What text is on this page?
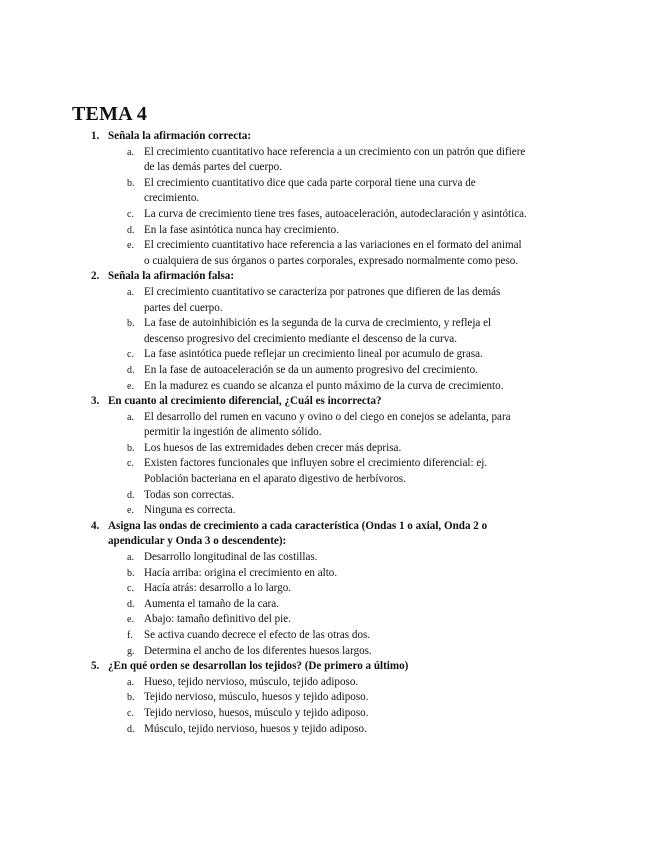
TEMA 4
1. Señala la afirmación correcta:
a. El crecimiento cuantitativo hace referencia a un crecimiento con un patrón que difiere de las demás partes del cuerpo.
b. El crecimiento cuantitativo dice que cada parte corporal tiene una curva de crecimiento.
c. La curva de crecimiento tiene tres fases, autoaceleración, autodeclaración y asintótica.
d. En la fase asintótica nunca hay crecimiento.
e. El crecimiento cuantitativo hace referencia a las variaciones en el formato del animal o cualquiera de sus órganos o partes corporales, expresado normalmente como peso.
2. Señala la afirmación falsa:
a. El crecimiento cuantitativo se caracteriza por patrones que difieren de las demás partes del cuerpo.
b. La fase de autoinhibición es la segunda de la curva de crecimiento, y refleja el descenso progresivo del crecimiento mediante el descenso de la curva.
c. La fase asintótica puede reflejar un crecimiento lineal por acumulo de grasa.
d. En la fase de autoaceleración se da un aumento progresivo del crecimiento.
e. En la madurez es cuando se alcanza el punto máximo de la curva de crecimiento.
3. En cuanto al crecimiento diferencial, ¿Cuál es incorrecta?
a. El desarrollo del rumen en vacuno y ovino o del ciego en conejos se adelanta, para permitir la ingestión de alimento sólido.
b. Los huesos de las extremidades deben crecer más deprisa.
c. Existen factores funcionales que influyen sobre el crecimiento diferencial: ej. Población bacteriana en el aparato digestivo de herbívoros.
d. Todas son correctas.
e. Ninguna es correcta.
4. Asigna las ondas de crecimiento a cada característica (Ondas 1 o axial, Onda 2 o apendicular y Onda 3 o descendente):
a. Desarrollo longitudinal de las costillas.
b. Hacía arriba: origina el crecimiento en alto.
c. Hacía atrás: desarrollo a lo largo.
d. Aumenta el tamaño de la cara.
e. Abajo: tamaño definitivo del pie.
f. Se activa cuando decrece el efecto de las otras dos.
g. Determina el ancho de los diferentes huesos largos.
5. ¿En qué orden se desarrollan los tejidos? (De primero a último)
a. Hueso, tejido nervioso, músculo, tejido adiposo.
b. Tejido nervioso, músculo, huesos y tejido adiposo.
c. Tejido nervioso, huesos, músculo y tejido adiposo.
d. Músculo, tejido nervioso, huesos y tejido adiposo.
